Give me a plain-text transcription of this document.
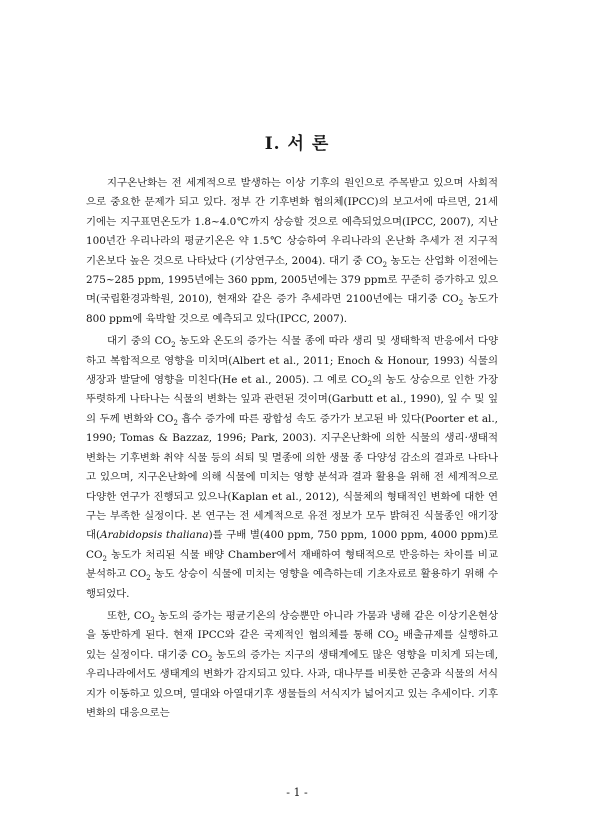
I. 서 론

지구온난화는 전 세계적으로 발생하는 이상 기후의 원인으로 주목받고 있으며 사회적으로 중요한 문제가 되고 있다. 정부 간 기후변화 협의체(IPCC)의 보고서에 따르면, 21세기에는 지구표면온도가 1.8~4.0℃까지 상승할 것으로 예측되었으며(IPCC, 2007), 지난 100년간 우리나라의 평균기온은 약 1.5℃ 상승하여 우리나라의 온난화 추세가 전 지구적 기온보다 높은 것으로 나타났다 (기상연구소, 2004). 대기 중 $CO_2$ 농도는 산업화 이전에는 275~285 ppm, 1995년에는 360 ppm, 2005년에는 379 ppm로 꾸준히 증가하고 있으며(국립환경과학원, 2010), 현재와 같은 증가 추세라면 2100년에는 대기중 $CO_2$ 농도가 800 ppm에 육박할 것으로 예측되고 있다(IPCC, 2007).

대기 중의 $CO_2$ 농도와 온도의 증가는 식물 종에 따라 생리 및 생태학적 반응에서 다양하고 복합적으로 영향을 미치며(Albert et al., 2011; Enoch & Honour, 1993) 식물의 생장과 발달에 영향을 미친다(He et al., 2005). 그 예로 $CO_2$의 농도 상승으로 인한 가장 뚜렷하게 나타나는 식물의 변화는 잎과 관련된 것이며(Garbutt et al., 1990), 잎 수 및 잎의 두께 변화와 $CO_2$ 흡수 증가에 따른 광합성 속도 증가가 보고된 바 있다(Poorter et al., 1990; Tomas & Bazzaz, 1996; Park, 2003). 지구온난화에 의한 식물의 생리·생태적 변화는 기후변화 취약 식물 등의 쇠퇴 및 멸종에 의한 생물 종 다양성 감소의 결과로 나타나고 있으며, 지구온난화에 의해 식물에 미치는 영향 분석과 결과 활용을 위해 전 세계적으로 다양한 연구가 진행되고 있으나(Kaplan et al., 2012), 식물체의 형태적인 변화에 대한 연구는 부족한 실정이다. 본 연구는 전 세계적으로 유전 정보가 모두 밝혀진 식물종인 애기장대(Arabidopsis thaliana)를 구배 별(400 ppm, 750 ppm, 1000 ppm, 4000 ppm)로 $CO_2$ 농도가 처리된 식물 배양 Chamber에서 재배하여 형태적으로 반응하는 차이를 비교 분석하고 $CO_2$ 농도 상승이 식물에 미치는 영향을 예측하는데 기초자료로 활용하기 위해 수행되었다.

또한, $CO_2$ 농도의 증가는 평균기온의 상승뿐만 아니라 가뭄과 냉해 같은 이상기온현상을 동반하게 된다. 현재 IPCC와 같은 국제적인 협의체를 통해 $CO_2$ 배출규제를 실행하고 있는 실정이다. 대기중 $CO_2$ 농도의 증가는 지구의 생태계에도 많은 영향을 미치게 되는데, 우리나라에서도 생태계의 변화가 감지되고 있다. 사과, 대나무를 비롯한 곤충과 식물의 서식지가 이동하고 있으며, 열대와 아열대기후 생물들의 서식지가 넓어지고 있는 추세이다. 기후변화의 대응으로는

- 1 -
